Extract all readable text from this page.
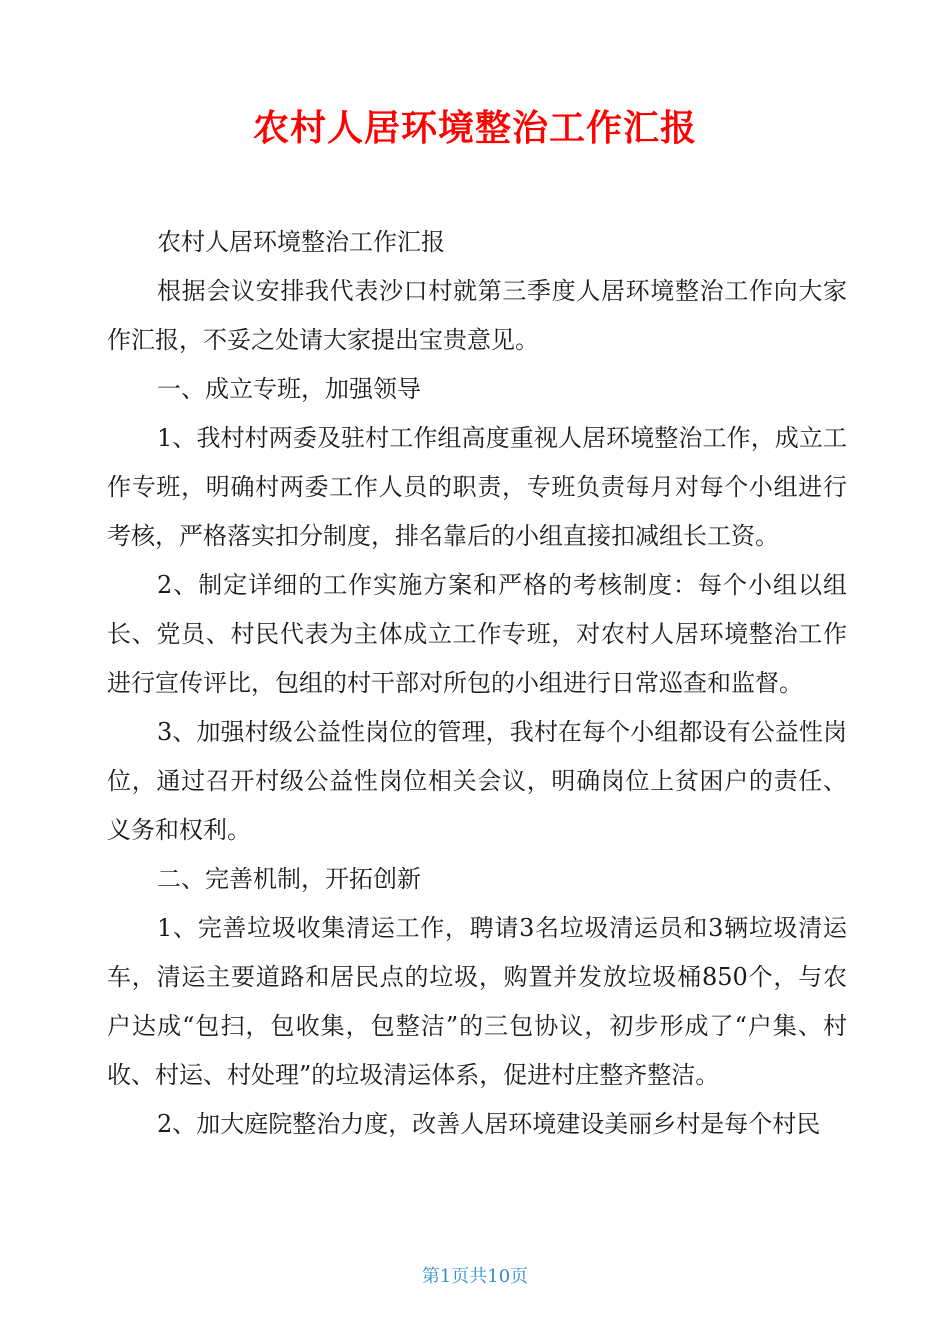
农村人居环境整治工作汇报

农村人居环境整治工作汇报

根据会议安排我代表沙口村就第三季度人居环境整治工作向大家作汇报，不妥之处请大家提出宝贵意见。

一、成立专班，加强领导

1、我村村两委及驻村工作组高度重视人居环境整治工作，成立工作专班，明确村两委工作人员的职责，专班负责每月对每个小组进行考核，严格落实扣分制度，排名靠后的小组直接扣减组长工资。

2、制定详细的工作实施方案和严格的考核制度：每个小组以组长、党员、村民代表为主体成立工作专班，对农村人居环境整治工作进行宣传评比，包组的村干部对所包的小组进行日常巡查和监督。

3、加强村级公益性岗位的管理，我村在每个小组都设有公益性岗位，通过召开村级公益性岗位相关会议，明确岗位上贫困户的责任、义务和权利。

二、完善机制，开拓创新

1、完善垃圾收集清运工作，聘请3名垃圾清运员和3辆垃圾清运车，清运主要道路和居民点的垃圾，购置并发放垃圾桶850个，与农户达成“包扫，包收集，包整洁”的三包协议，初步形成了“户集、村收、村运、村处理”的垃圾清运体系，促进村庄整齐整洁。

2、加大庭院整治力度，改善人居环境建设美丽乡村是每个村民

第1页共10页
